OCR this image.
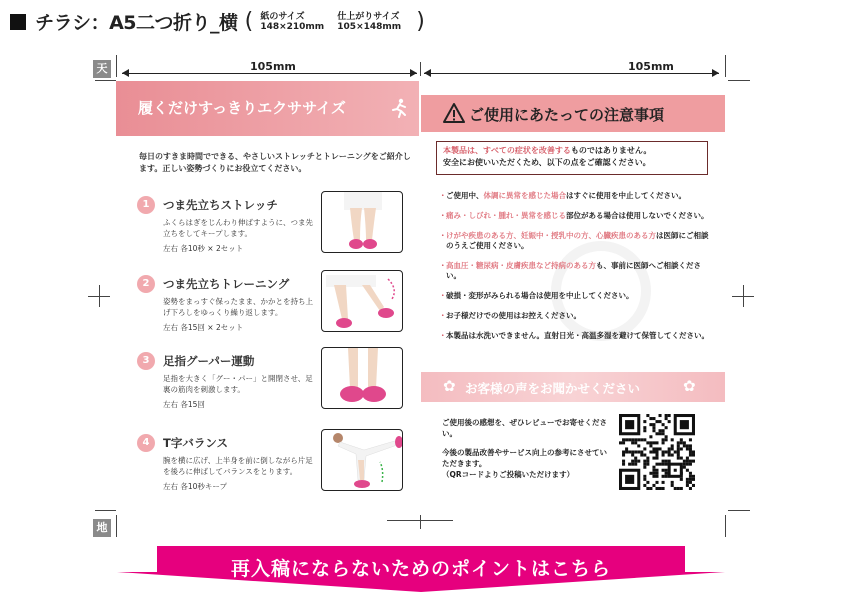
チラシ：A5二つ折り_横 ( 紙のサイズ
148×210mm 仕上がりサイズ
105×148mm )
天
地
105mm	105mm
履くだけすっきりエクササイズ
毎日のすきま時間でできる、やさしいストレッチとトレーニングをご紹介します。正しい姿勢づくりにお役立てください。
1	つま先立ちストレッチ
ふくらはぎをじんわり伸ばすように、つま先立ちをしてキープします。
左右 各10秒 × 2セット
2	つま先立ちトレーニング
姿勢をまっすぐ保ったまま、かかとを持ち上げ下ろしをゆっくり繰り返します。
左右 各15回 × 2セット
3	足指グーパー運動
足指を大きく「グー・パー」と開閉させ、足裏の筋肉を刺激します。
左右 各15回
4	T字バランス
腕を横に広げ、上半身を前に倒しながら片足を後ろに伸ばしてバランスをとります。
左右 各10秒キープ
ご使用にあたっての注意事項
本製品は、すべての症状を改善するものではありません。
安全にお使いいただくため、以下の点をご確認ください。
・ ご使用中、体調に異常を感じた場合はすぐに使用を中止してください。
・ 痛み・しびれ・腫れ・異常を感じる部位がある場合は使用しないでください。
・ けがや疾患のある方、妊娠中・授乳中の方、心臓疾患のある方は医師にご相談のうえご使用ください。
・ 高血圧・糖尿病・皮膚疾患など持病のある方も、事前に医師へご相談ください。
・ 破損・変形がみられる場合は使用を中止してください。
・ お子様だけでの使用はお控えください。
・ 本製品は水洗いできません。直射日光・高温多湿を避けて保管してください。
✿ お客様の声をお聞かせください	✿
ご使用後の感想を、ぜひレビューでお寄せください。
今後の製品改善やサービス向上の参考にさせていただきます。
（QRコードよりご投稿いただけます）
再入稿にならないためのポイントはこちら
